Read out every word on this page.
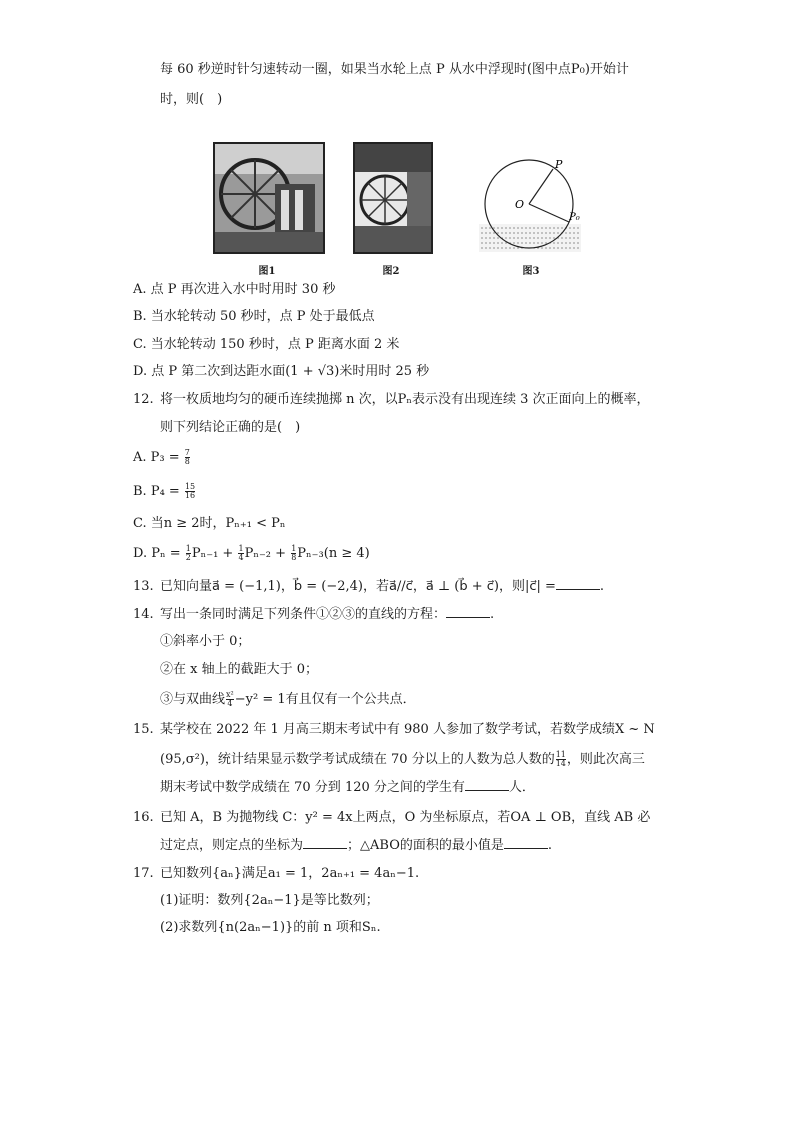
每 60 秒逆时针匀速转动一圈，如果当水轮上点 P 从水中浮现时(图中点P₀)开始计
时，则(　)
图1	图2
O
P
P₀
图3
A. 点 P 再次进入水中时用时 30 秒
B. 当水轮转动 50 秒时，点 P 处于最低点
C. 当水轮转动 150 秒时，点 P 距离水面 2 米
D. 点 P 第二次到达距水面(1 + √3)米时用时 25 秒
12. 将一枚质地均匀的硬币连续抛掷 n 次，以Pₙ表示没有出现连续 3 次正面向上的概率，
则下列结论正确的是(　)
A. $P_3 = \frac{7}{8}$
B. $P_4 = \frac{15}{16}$
C. 当n ≥ 2时，Pₙ₊₁ < Pₙ
D. $P_n = \frac{1}{2} P_{n-1} + \frac{1}{4} P_{n-2} + \frac{1}{8} P_{n-3}(n \ge 4)$
13. 已知向量a⃗ = (−1,1)，b⃗ = (−2,4)，若a⃗//c⃗，a⃗ ⊥ (b⃗ + c⃗)，则|c⃗| =	.
14. 写出一条同时满足下列条件①②③的直线的方程：	.
①斜率小于 0；
②在 x 轴上的截距大于 0；
③与双曲线 $\frac{\text{x²}}{4} -y^2 = 1$有且仅有一个公共点．
15. 某学校在 2022 年 1 月高三期末考试中有 980 人参加了数学考试，若数学成绩X ~ N
(95,σ²)，统计结果显示数学考试成绩在 70 分以上的人数为总人数的 $\frac{11}{14}$ ，则此次高三
期末考试中数学成绩在 70 分到 120 分之间的学生有	人．
16. 已知 A，B 为抛物线 C：y² = 4x上两点，O 为坐标原点，若OA ⊥ OB，直线 AB 必
过定点，则定点的坐标为	；△ABO的面积的最小值是	.
17. 已知数列{aₙ}满足a₁ = 1，2aₙ₊₁ = 4aₙ−1.
(1)证明：数列{2aₙ−1}是等比数列；
(2)求数列{n(2aₙ−1)}的前 n 项和Sₙ.
